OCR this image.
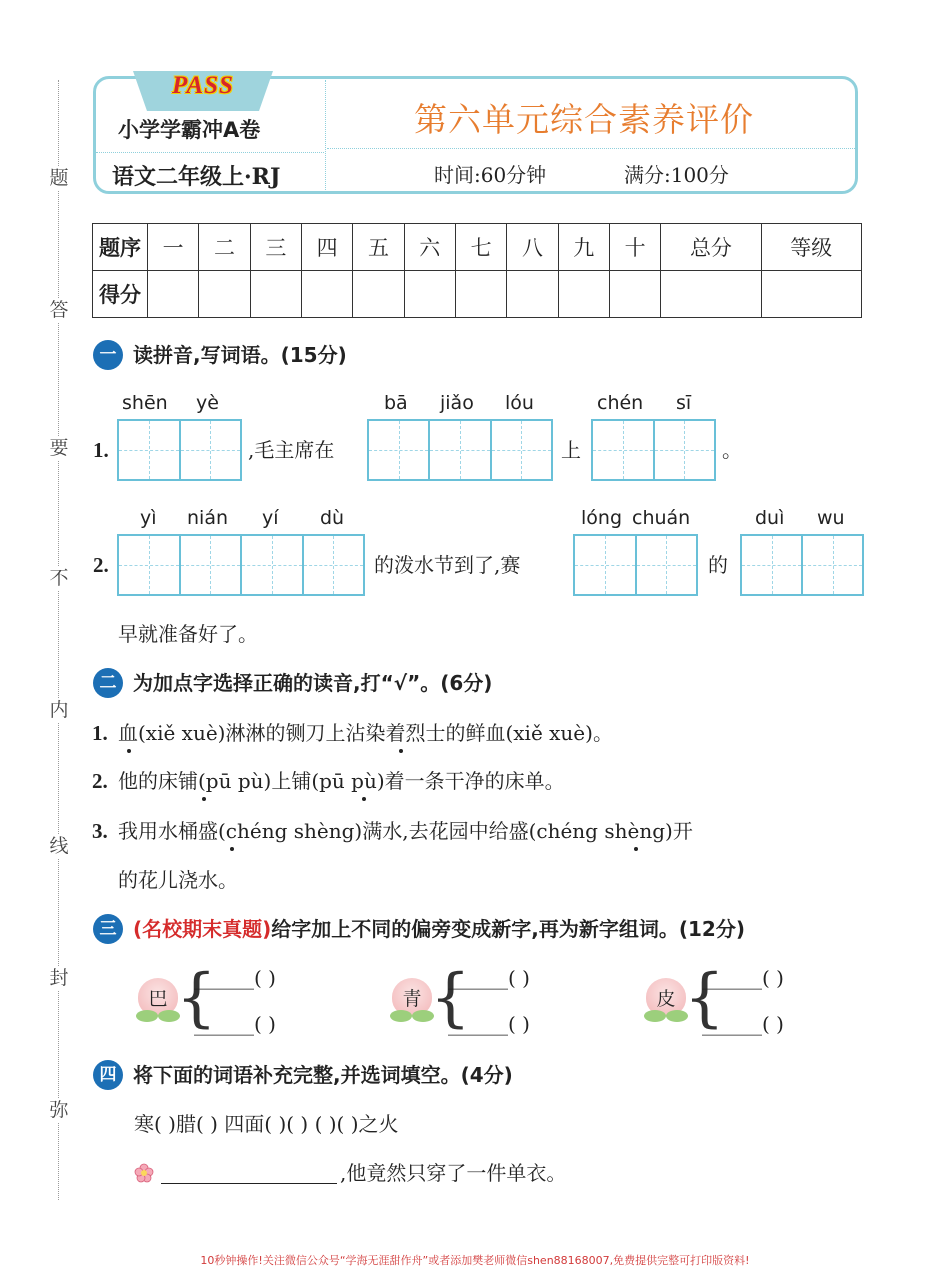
题
答
要
不
内
线
封
弥
PASS
小学学霸冲A卷
语文二年级上·RJ
第六单元综合素养评价
时间:60分钟	满分:100分
题序	一	二	三	四	五	六	七	八	九	十	总分	等级
得分												
一 读拼音,写词语。(15分)
shēn yè	bā jiǎo lóu	chén sī
1.	,毛主席在	上	。
yì nián yí dù	lóng chuán	duì wu
2.	的泼水节到了,赛	的
早就准备好了。
二 为加点字选择正确的读音,打“√”。(6分)
1. 血(xiě xuè)淋淋的铡刀上沾染着烈士的鲜血(xiě xuè)。
2. 他的床铺(pū pù)上铺(pū pù)着一条干净的床单。
3. 我用水桶盛(chéng shèng)满水,去花园中给盛(chéng shèng)开
的花儿浇水。
三 (名校期末真题)给字加上不同的偏旁变成新字,再为新字组词。(12分)
巴 {
______( )
______( )
青 {
______( )
______( )
皮 {
______( )
______( )
四 将下面的词语补充完整,并选词填空。(4分)
寒( )腊( ) 四面( )( ) ( )( )之火
,他竟然只穿了一件单衣。
10秒钟操作!关注微信公众号“学海无涯甜作舟”或者添加樊老师微信shen88168007,免费提供完整可打印版资料!
